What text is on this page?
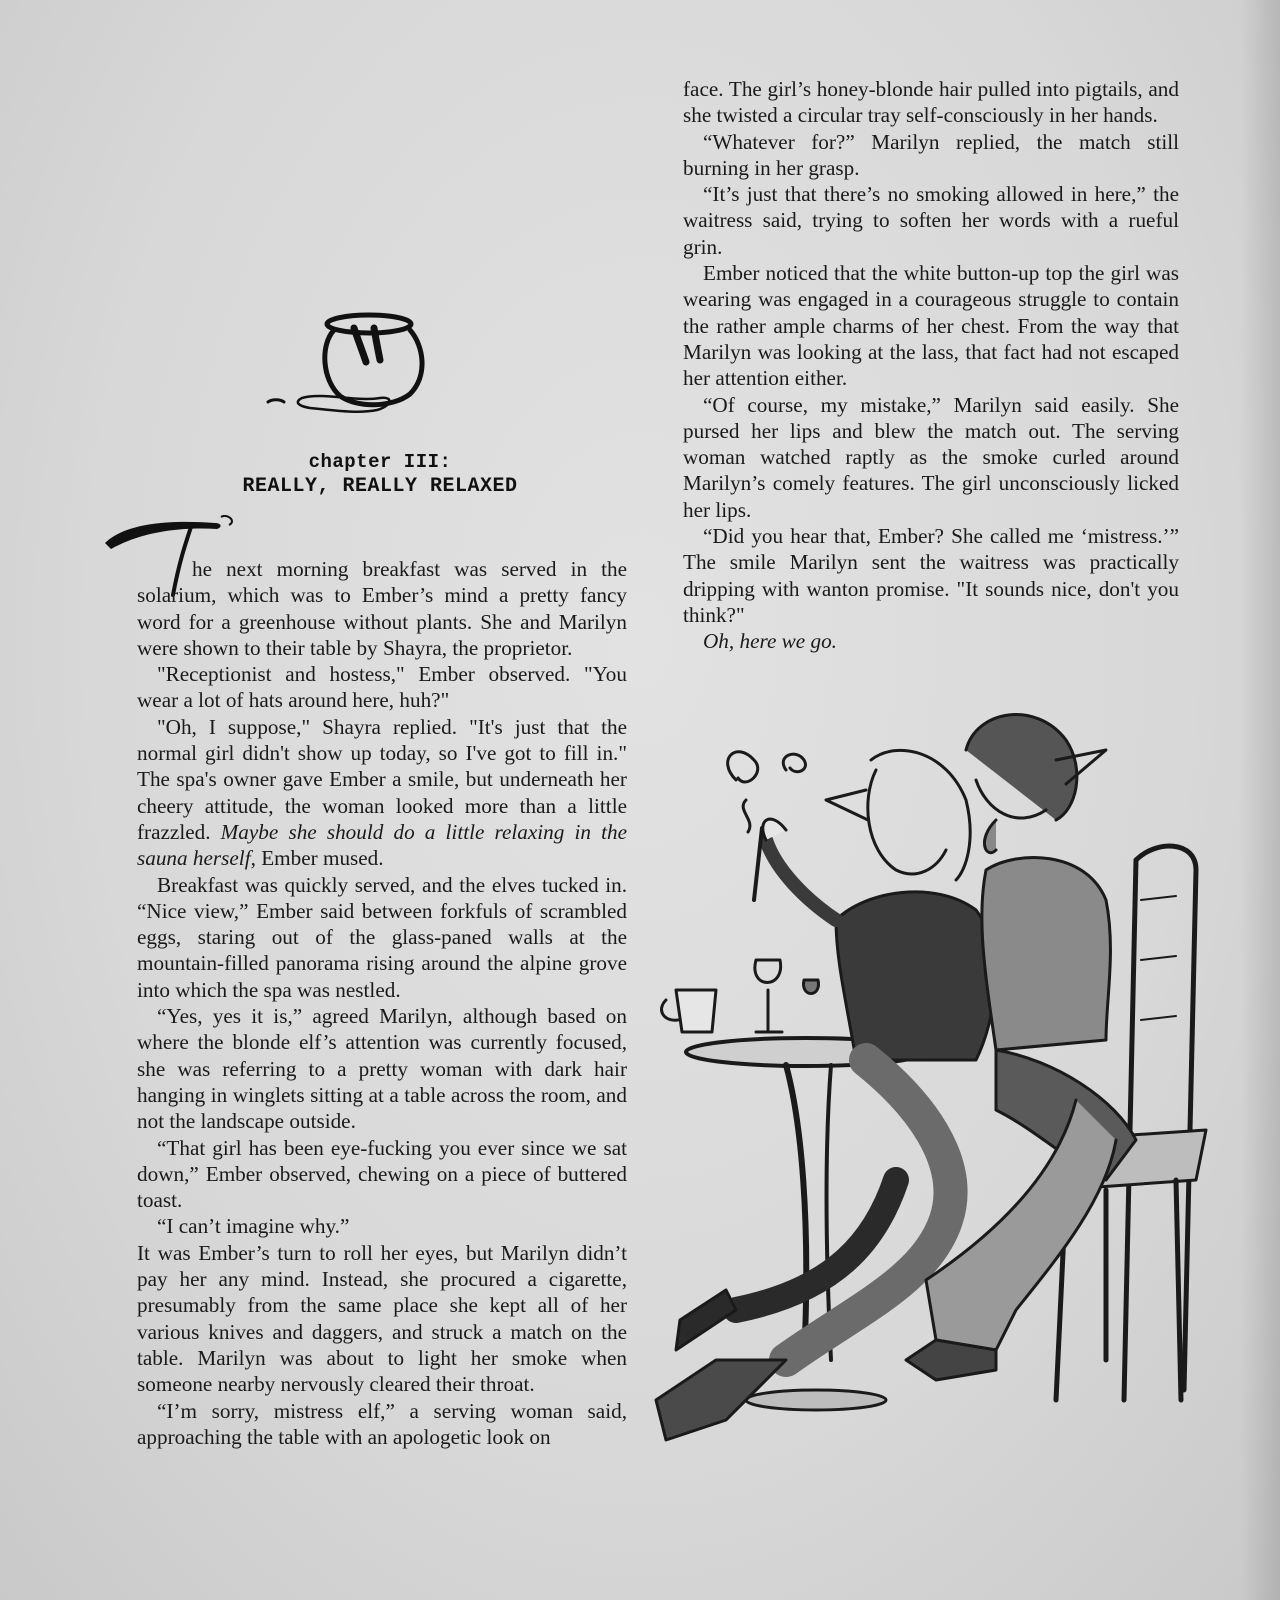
chapter III:
REALLY, REALLY RELAXED

he next morning breakfast was served in the solarium, which was to Ember’s mind a pretty fancy word for a greenhouse without plants. She and Marilyn were shown to their table by Shayra, the proprietor.

"Receptionist and hostess," Ember observed. "You wear a lot of hats around here, huh?"

"Oh, I suppose," Shayra replied. "It's just that the normal girl didn't show up today, so I've got to fill in." The spa's owner gave Ember a smile, but underneath her cheery attitude, the woman looked more than a little frazzled. Maybe she should do a little relaxing in the sauna herself, Ember mused.

Breakfast was quickly served, and the elves tucked in. “Nice view,” Ember said between forkfuls of scrambled eggs, staring out of the glass-paned walls at the mountain-filled panorama rising around the alpine grove into which the spa was nestled.

“Yes, yes it is,” agreed Marilyn, although based on where the blonde elf’s attention was currently focused, she was referring to a pretty woman with dark hair hanging in winglets sitting at a table across the room, and not the landscape outside.

“That girl has been eye-fucking you ever since we sat down,” Ember observed, chewing on a piece of buttered toast.

“I can’t imagine why.”

It was Ember’s turn to roll her eyes, but Marilyn didn’t pay her any mind. Instead, she procured a cigarette, presumably from the same place she kept all of her various knives and daggers, and struck a match on the table. Marilyn was about to light her smoke when someone nearby nervously cleared their throat.

“I’m sorry, mistress elf,” a serving woman said, approaching the table with an apologetic look on

face. The girl’s honey-blonde hair pulled into pigtails, and she twisted a circular tray self-consciously in her hands.

“Whatever for?” Marilyn replied, the match still burning in her grasp.

“It’s just that there’s no smoking allowed in here,” the waitress said, trying to soften her words with a rueful grin.

Ember noticed that the white button-up top the girl was wearing was engaged in a courageous struggle to contain the rather ample charms of her chest. From the way that Marilyn was looking at the lass, that fact had not escaped her attention either.

“Of course, my mistake,” Marilyn said easily. She pursed her lips and blew the match out. The serving woman watched raptly as the smoke curled around Marilyn’s comely features. The girl unconsciously licked her lips.

“Did you hear that, Ember? She called me ‘mistress.’” The smile Marilyn sent the waitress was practically dripping with wanton promise. "It sounds nice, don't you think?"

Oh, here we go.
